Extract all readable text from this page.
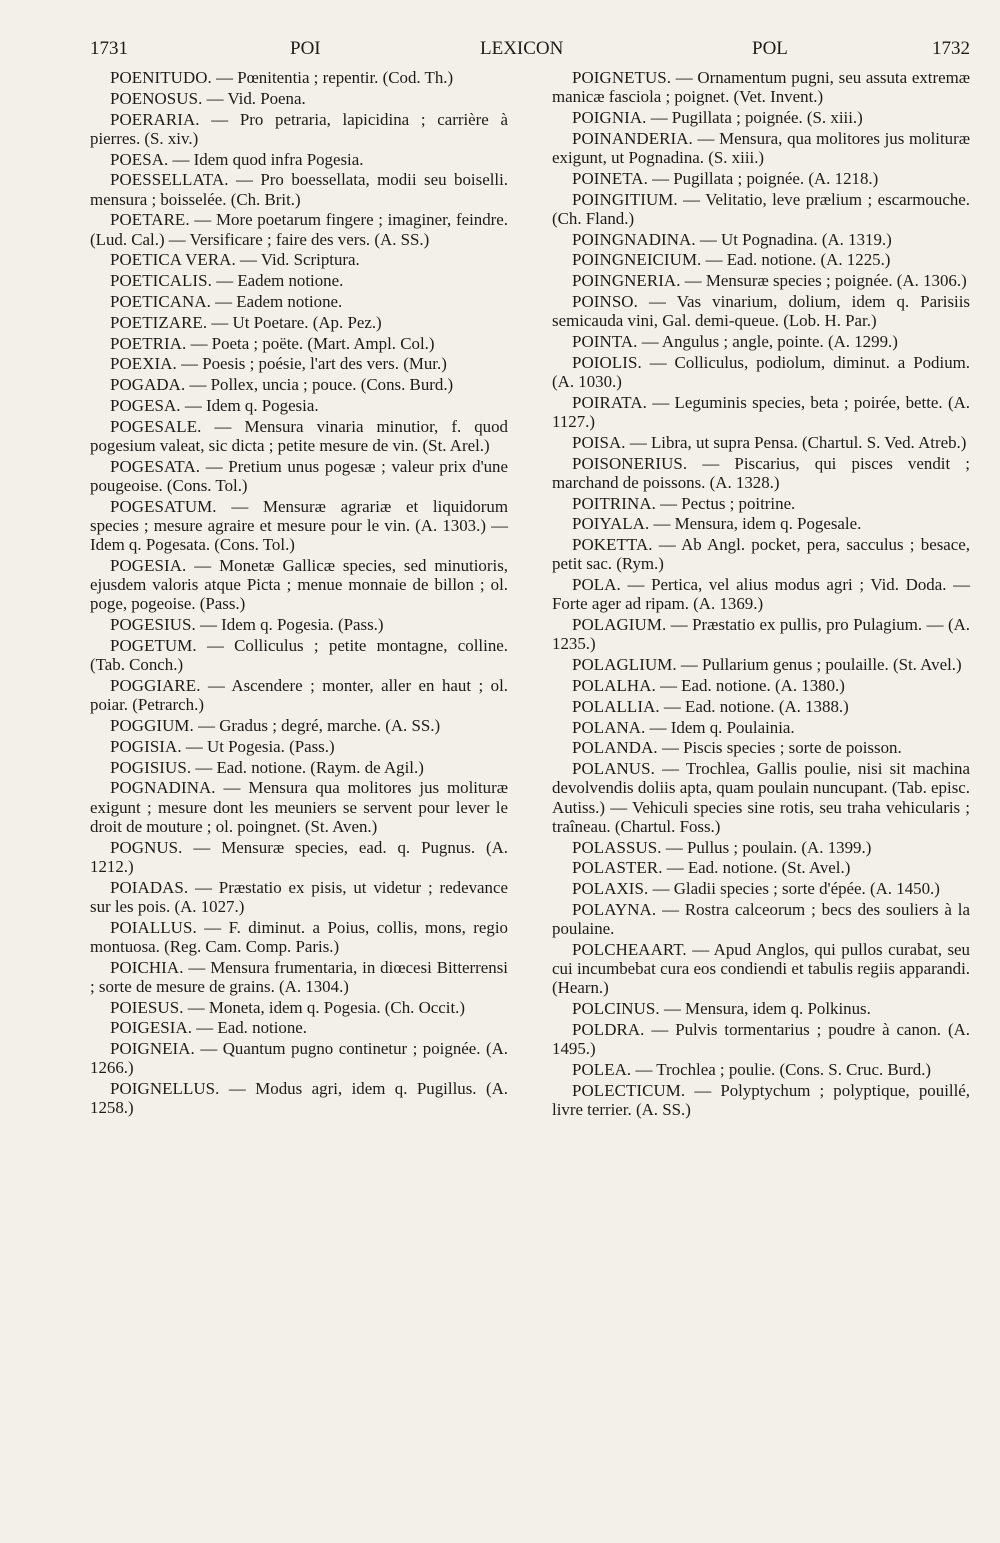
1731	POI	LEXICON	POL	1732

POENITUDO. — Pœnitentia ; repentir. (Cod. Th.)

POENOSUS. — Vid. Poena.

POERARIA. — Pro petraria, lapicidina ; carrière à pierres. (S. xiv.)

POESA. — Idem quod infra Pogesia.

POESSELLATA. — Pro boessellata, modii seu boiselli. mensura ; boisselée. (Ch. Brit.)

POETARE. — More poetarum fingere ; imaginer, feindre. (Lud. Cal.) — Versificare ; faire des vers. (A. SS.)

POETICA VERA. — Vid. Scriptura.

POETICALIS. — Eadem notione.

POETICANA. — Eadem notione.

POETIZARE. — Ut Poetare. (Ap. Pez.)

POETRIA. — Poeta ; poëte. (Mart. Ampl. Col.)

POEXIA. — Poesis ; poésie, l'art des vers. (Mur.)

POGADA. — Pollex, uncia ; pouce. (Cons. Burd.)

POGESA. — Idem q. Pogesia.

POGESALE. — Mensura vinaria minutior, f. quod pogesium valeat, sic dicta ; petite mesure de vin. (St. Arel.)

POGESATA. — Pretium unus pogesæ ; valeur prix d'une pougeoise. (Cons. Tol.)

POGESATUM. — Mensuræ agrariæ et liquidorum species ; mesure agraire et mesure pour le vin. (A. 1303.) — Idem q. Pogesata. (Cons. Tol.)

POGESIA. — Monetæ Gallicæ species, sed minutioris, ejusdem valoris atque Picta ; menue monnaie de billon ; ol. poge, pogeoise. (Pass.)

POGESIUS. — Idem q. Pogesia. (Pass.)

POGETUM. — Colliculus ; petite montagne, colline. (Tab. Conch.)

POGGIARE. — Ascendere ; monter, aller en haut ; ol. poiar. (Petrarch.)

POGGIUM. — Gradus ; degré, marche. (A. SS.)

POGISIA. — Ut Pogesia. (Pass.)

POGISIUS. — Ead. notione. (Raym. de Agil.)

POGNADINA. — Mensura qua molitores jus molituræ exigunt ; mesure dont les meuniers se servent pour lever le droit de mouture ; ol. poingnet. (St. Aven.)

POGNUS. — Mensuræ species, ead. q. Pugnus. (A. 1212.)

POIADAS. — Præstatio ex pisis, ut videtur ; redevance sur les pois. (A. 1027.)

POIALLUS. — F. diminut. a Poius, collis, mons, regio montuosa. (Reg. Cam. Comp. Paris.)

POICHIA. — Mensura frumentaria, in diœcesi Bitterrensi ; sorte de mesure de grains. (A. 1304.)

POIESUS. — Moneta, idem q. Pogesia. (Ch. Occit.)

POIGESIA. — Ead. notione.

POIGNEIA. — Quantum pugno continetur ; poignée. (A. 1266.)

POIGNELLUS. — Modus agri, idem q. Pugillus. (A. 1258.)

POIGNETUS. — Ornamentum pugni, seu assuta extremæ manicæ fasciola ; poignet. (Vet. Invent.)

POIGNIA. — Pugillata ; poignée. (S. xiii.)

POINANDERIA. — Mensura, qua molitores jus molituræ exigunt, ut Pognadina. (S. xiii.)

POINETA. — Pugillata ; poignée. (A. 1218.)

POINGITIUM. — Velitatio, leve prælium ; escarmouche. (Ch. Fland.)

POINGNADINA. — Ut Pognadina. (A. 1319.)

POINGNEICIUM. — Ead. notione. (A. 1225.)

POINGNERIA. — Mensuræ species ; poignée. (A. 1306.)

POINSO. — Vas vinarium, dolium, idem q. Parisiis semicauda vini, Gal. demi-queue. (Lob. H. Par.)

POINTA. — Angulus ; angle, pointe. (A. 1299.)

POIOLIS. — Colliculus, podiolum, diminut. a Podium. (A. 1030.)

POIRATA. — Leguminis species, beta ; poirée, bette. (A. 1127.)

POISA. — Libra, ut supra Pensa. (Chartul. S. Ved. Atreb.)

POISONERIUS. — Piscarius, qui pisces vendit ; marchand de poissons. (A. 1328.)

POITRINA. — Pectus ; poitrine.

POIYALA. — Mensura, idem q. Pogesale.

POKETTA. — Ab Angl. pocket, pera, sacculus ; besace, petit sac. (Rym.)

POLA. — Pertica, vel alius modus agri ; Vid. Doda. — Forte ager ad ripam. (A. 1369.)

POLAGIUM. — Præstatio ex pullis, pro Pulagium. — (A. 1235.)

POLAGLIUM. — Pullarium genus ; poulaille. (St. Avel.)

POLALHA. — Ead. notione. (A. 1380.)

POLALLIA. — Ead. notione. (A. 1388.)

POLANA. — Idem q. Poulainia.

POLANDA. — Piscis species ; sorte de poisson.

POLANUS. — Trochlea, Gallis poulie, nisi sit machina devolvendis doliis apta, quam poulain nuncupant. (Tab. episc. Autiss.) — Vehiculi species sine rotis, seu traha vehicularis ; traîneau. (Chartul. Foss.)

POLASSUS. — Pullus ; poulain. (A. 1399.)

POLASTER. — Ead. notione. (St. Avel.)

POLAXIS. — Gladii species ; sorte d'épée. (A. 1450.)

POLAYNA. — Rostra calceorum ; becs des souliers à la poulaine.

POLCHEAART. — Apud Anglos, qui pullos curabat, seu cui incumbebat cura eos condiendi et tabulis regiis apparandi. (Hearn.)

POLCINUS. — Mensura, idem q. Polkinus.

POLDRA. — Pulvis tormentarius ; poudre à canon. (A. 1495.)

POLEA. — Trochlea ; poulie. (Cons. S. Cruc. Burd.)

POLECTICUM. — Polyptychum ; polyptique, pouillé, livre terrier. (A. SS.)
